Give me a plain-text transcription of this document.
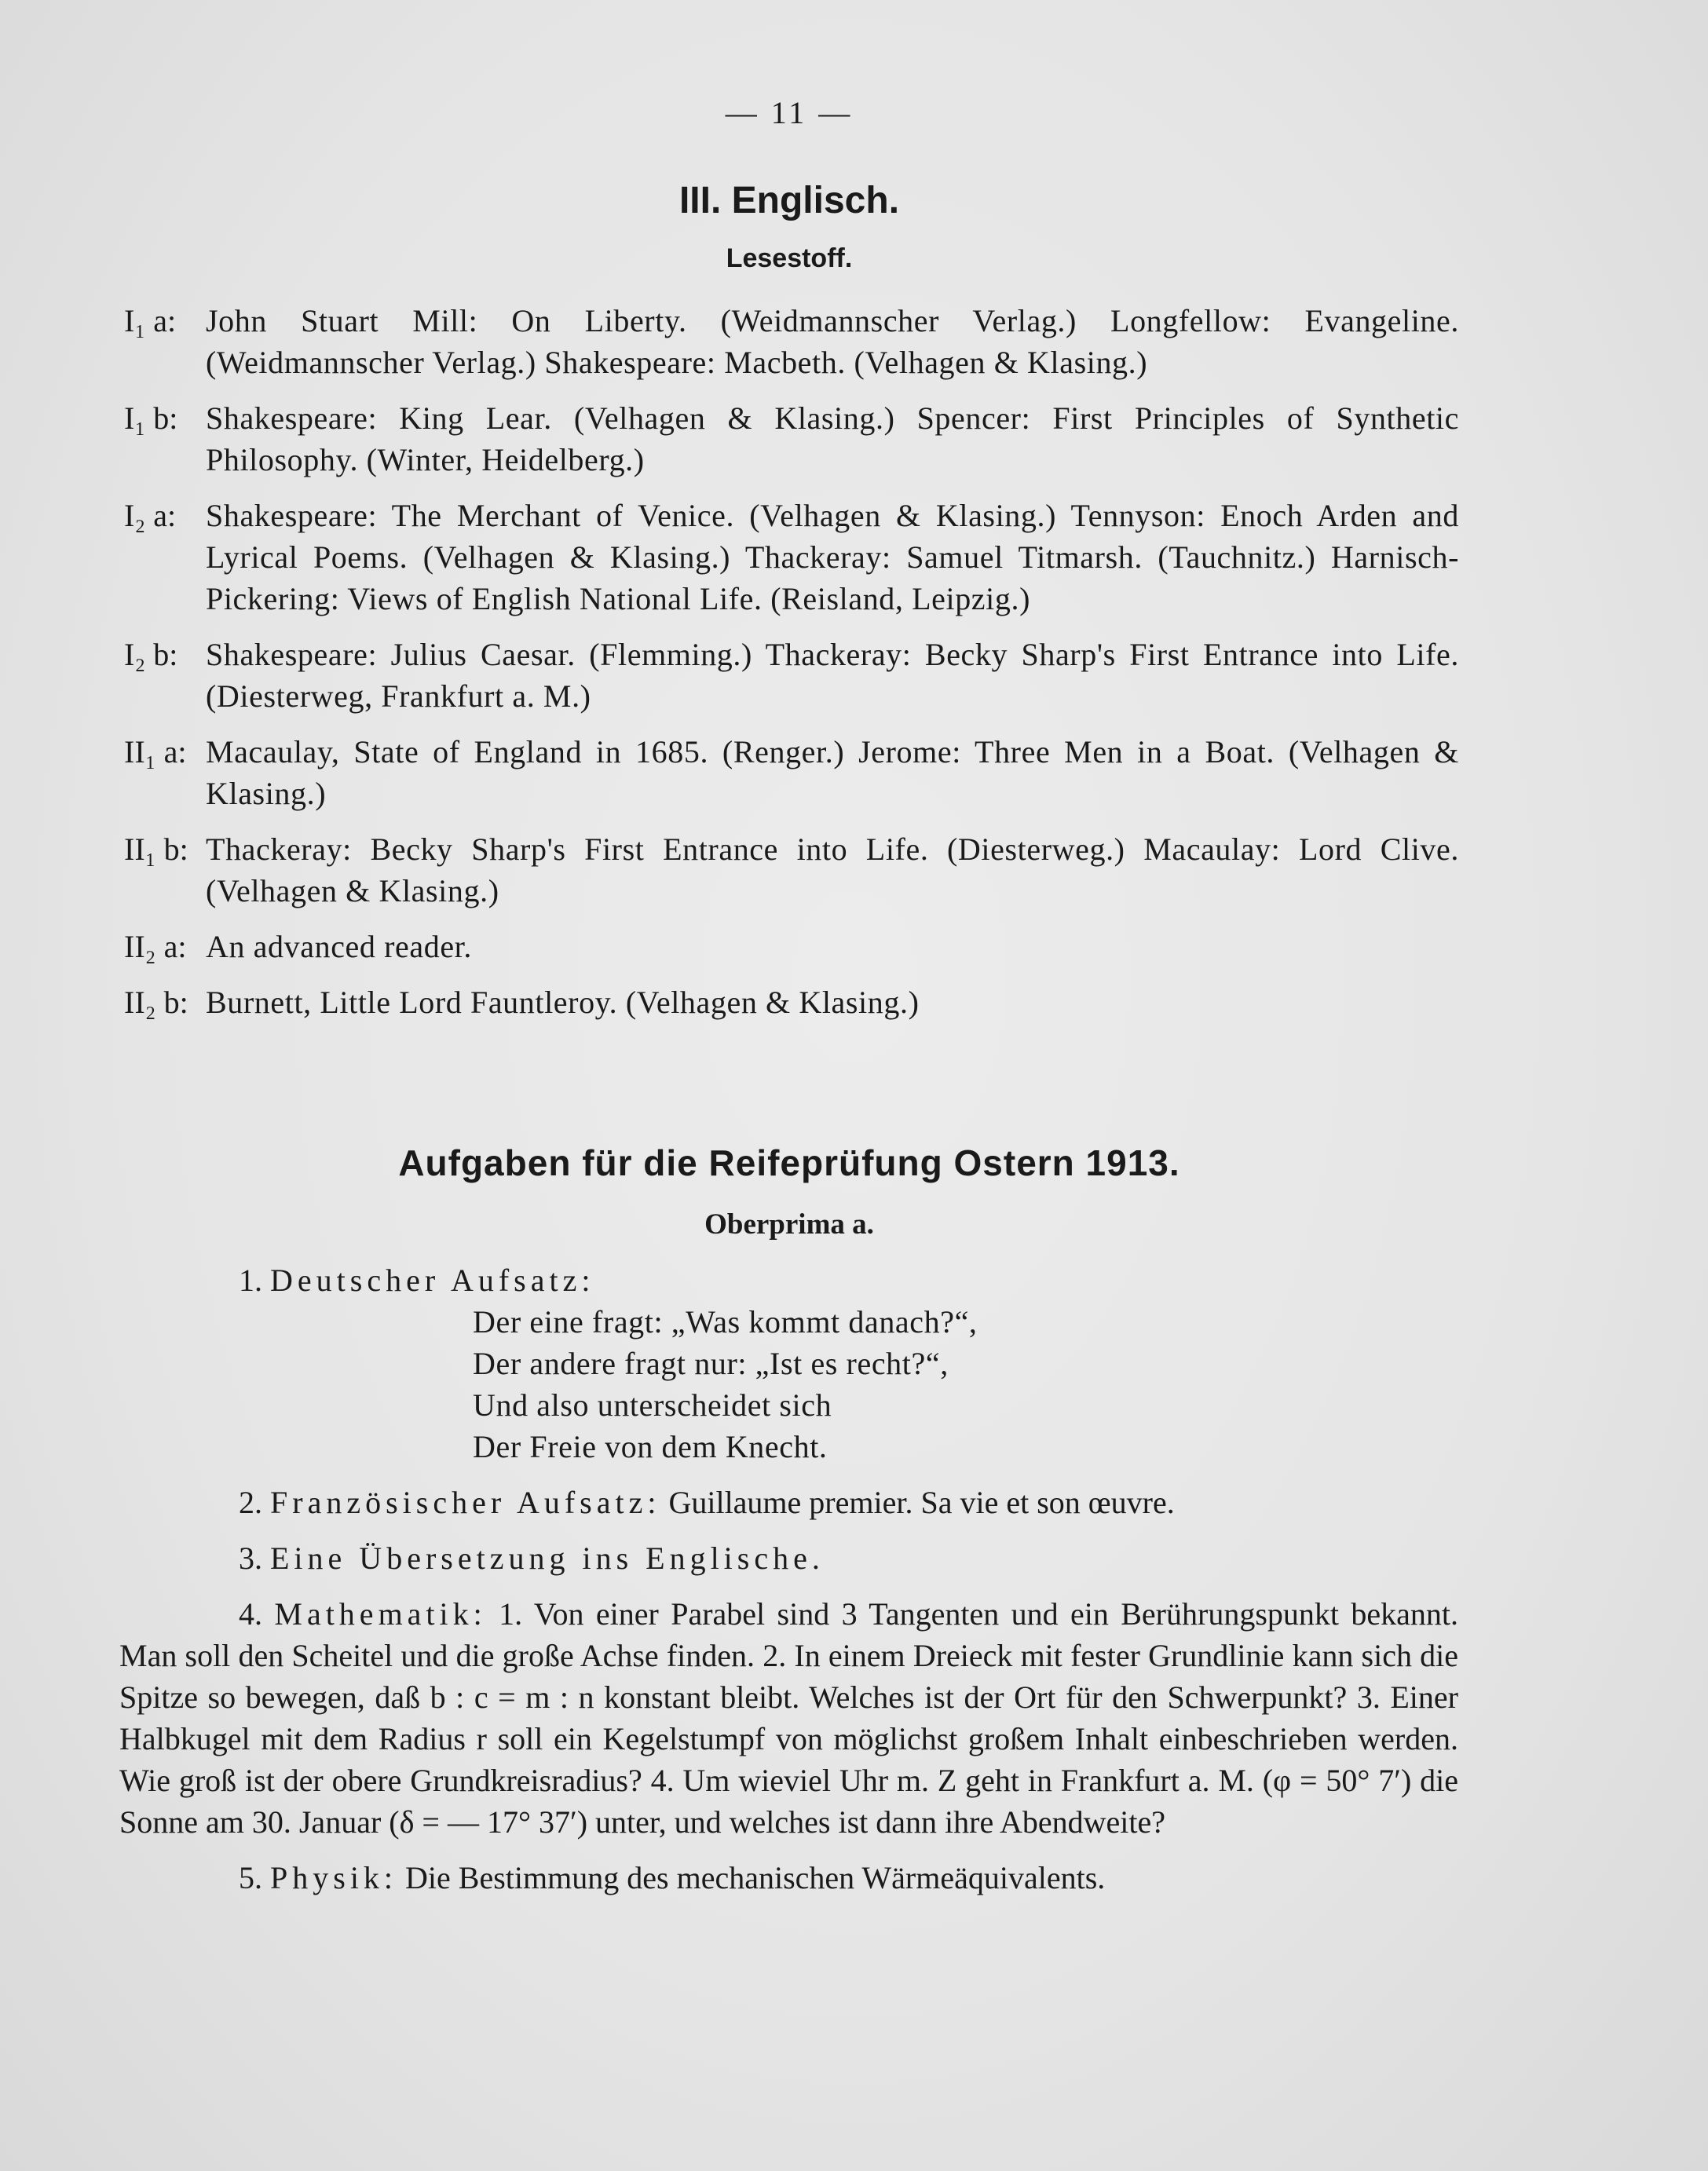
— 11 —
III. Englisch.
Lesestoff.
I₁ a: John Stuart Mill: On Liberty. (Weidmannscher Verlag.) Longfellow: Evangeline. (Weidmannscher Verlag.) Shakespeare: Macbeth. (Velhagen & Klasing.)
I₁ b: Shakespeare: King Lear. (Velhagen & Klasing.) Spencer: First Principles of Synthetic Philosophy. (Winter, Heidelberg.)
I₂ a: Shakespeare: The Merchant of Venice. (Velhagen & Klasing.) Tennyson: Enoch Arden and Lyrical Poems. (Velhagen & Klasing.) Thackeray: Samuel Titmarsh. (Tauchnitz.) Harnisch-Pickering: Views of English National Life. (Reisland, Leipzig.)
I₂ b: Shakespeare: Julius Caesar. (Flemming.) Thackeray: Becky Sharp's First Entrance into Life. (Diesterweg, Frankfurt a. M.)
II₁ a: Macaulay, State of England in 1685. (Renger.) Jerome: Three Men in a Boat. (Velhagen & Klasing.)
II₁ b: Thackeray: Becky Sharp's First Entrance into Life. (Diesterweg.) Macaulay: Lord Clive. (Velhagen & Klasing.)
II₂ a: An advanced reader.
II₂ b: Burnett, Little Lord Fauntleroy. (Velhagen & Klasing.)
Aufgaben für die Reifeprüfung Ostern 1913.
Oberprima a.
1. Deutscher Aufsatz:
Der eine fragt: „Was kommt danach?“,
Der andere fragt nur: „Ist es recht?“,
Und also unterscheidet sich
Der Freie von dem Knecht.
2. Französischer Aufsatz: Guillaume premier. Sa vie et son œuvre.
3. Eine Übersetzung ins Englische.
4. Mathematik: 1. Von einer Parabel sind 3 Tangenten und ein Berührungspunkt bekannt. Man soll den Scheitel und die große Achse finden. 2. In einem Dreieck mit fester Grundlinie kann sich die Spitze so bewegen, daß b : c = m : n konstant bleibt. Welches ist der Ort für den Schwerpunkt? 3. Einer Halbkugel mit dem Radius r soll ein Kegelstumpf von möglichst großem Inhalt einbeschrieben werden. Wie groß ist der obere Grundkreisradius? 4. Um wieviel Uhr m. Z geht in Frankfurt a. M. (φ = 50° 7′) die Sonne am 30. Januar (δ = — 17° 37′) unter, und welches ist dann ihre Abendweite?
5. Physik: Die Bestimmung des mechanischen Wärmeäquivalents.
